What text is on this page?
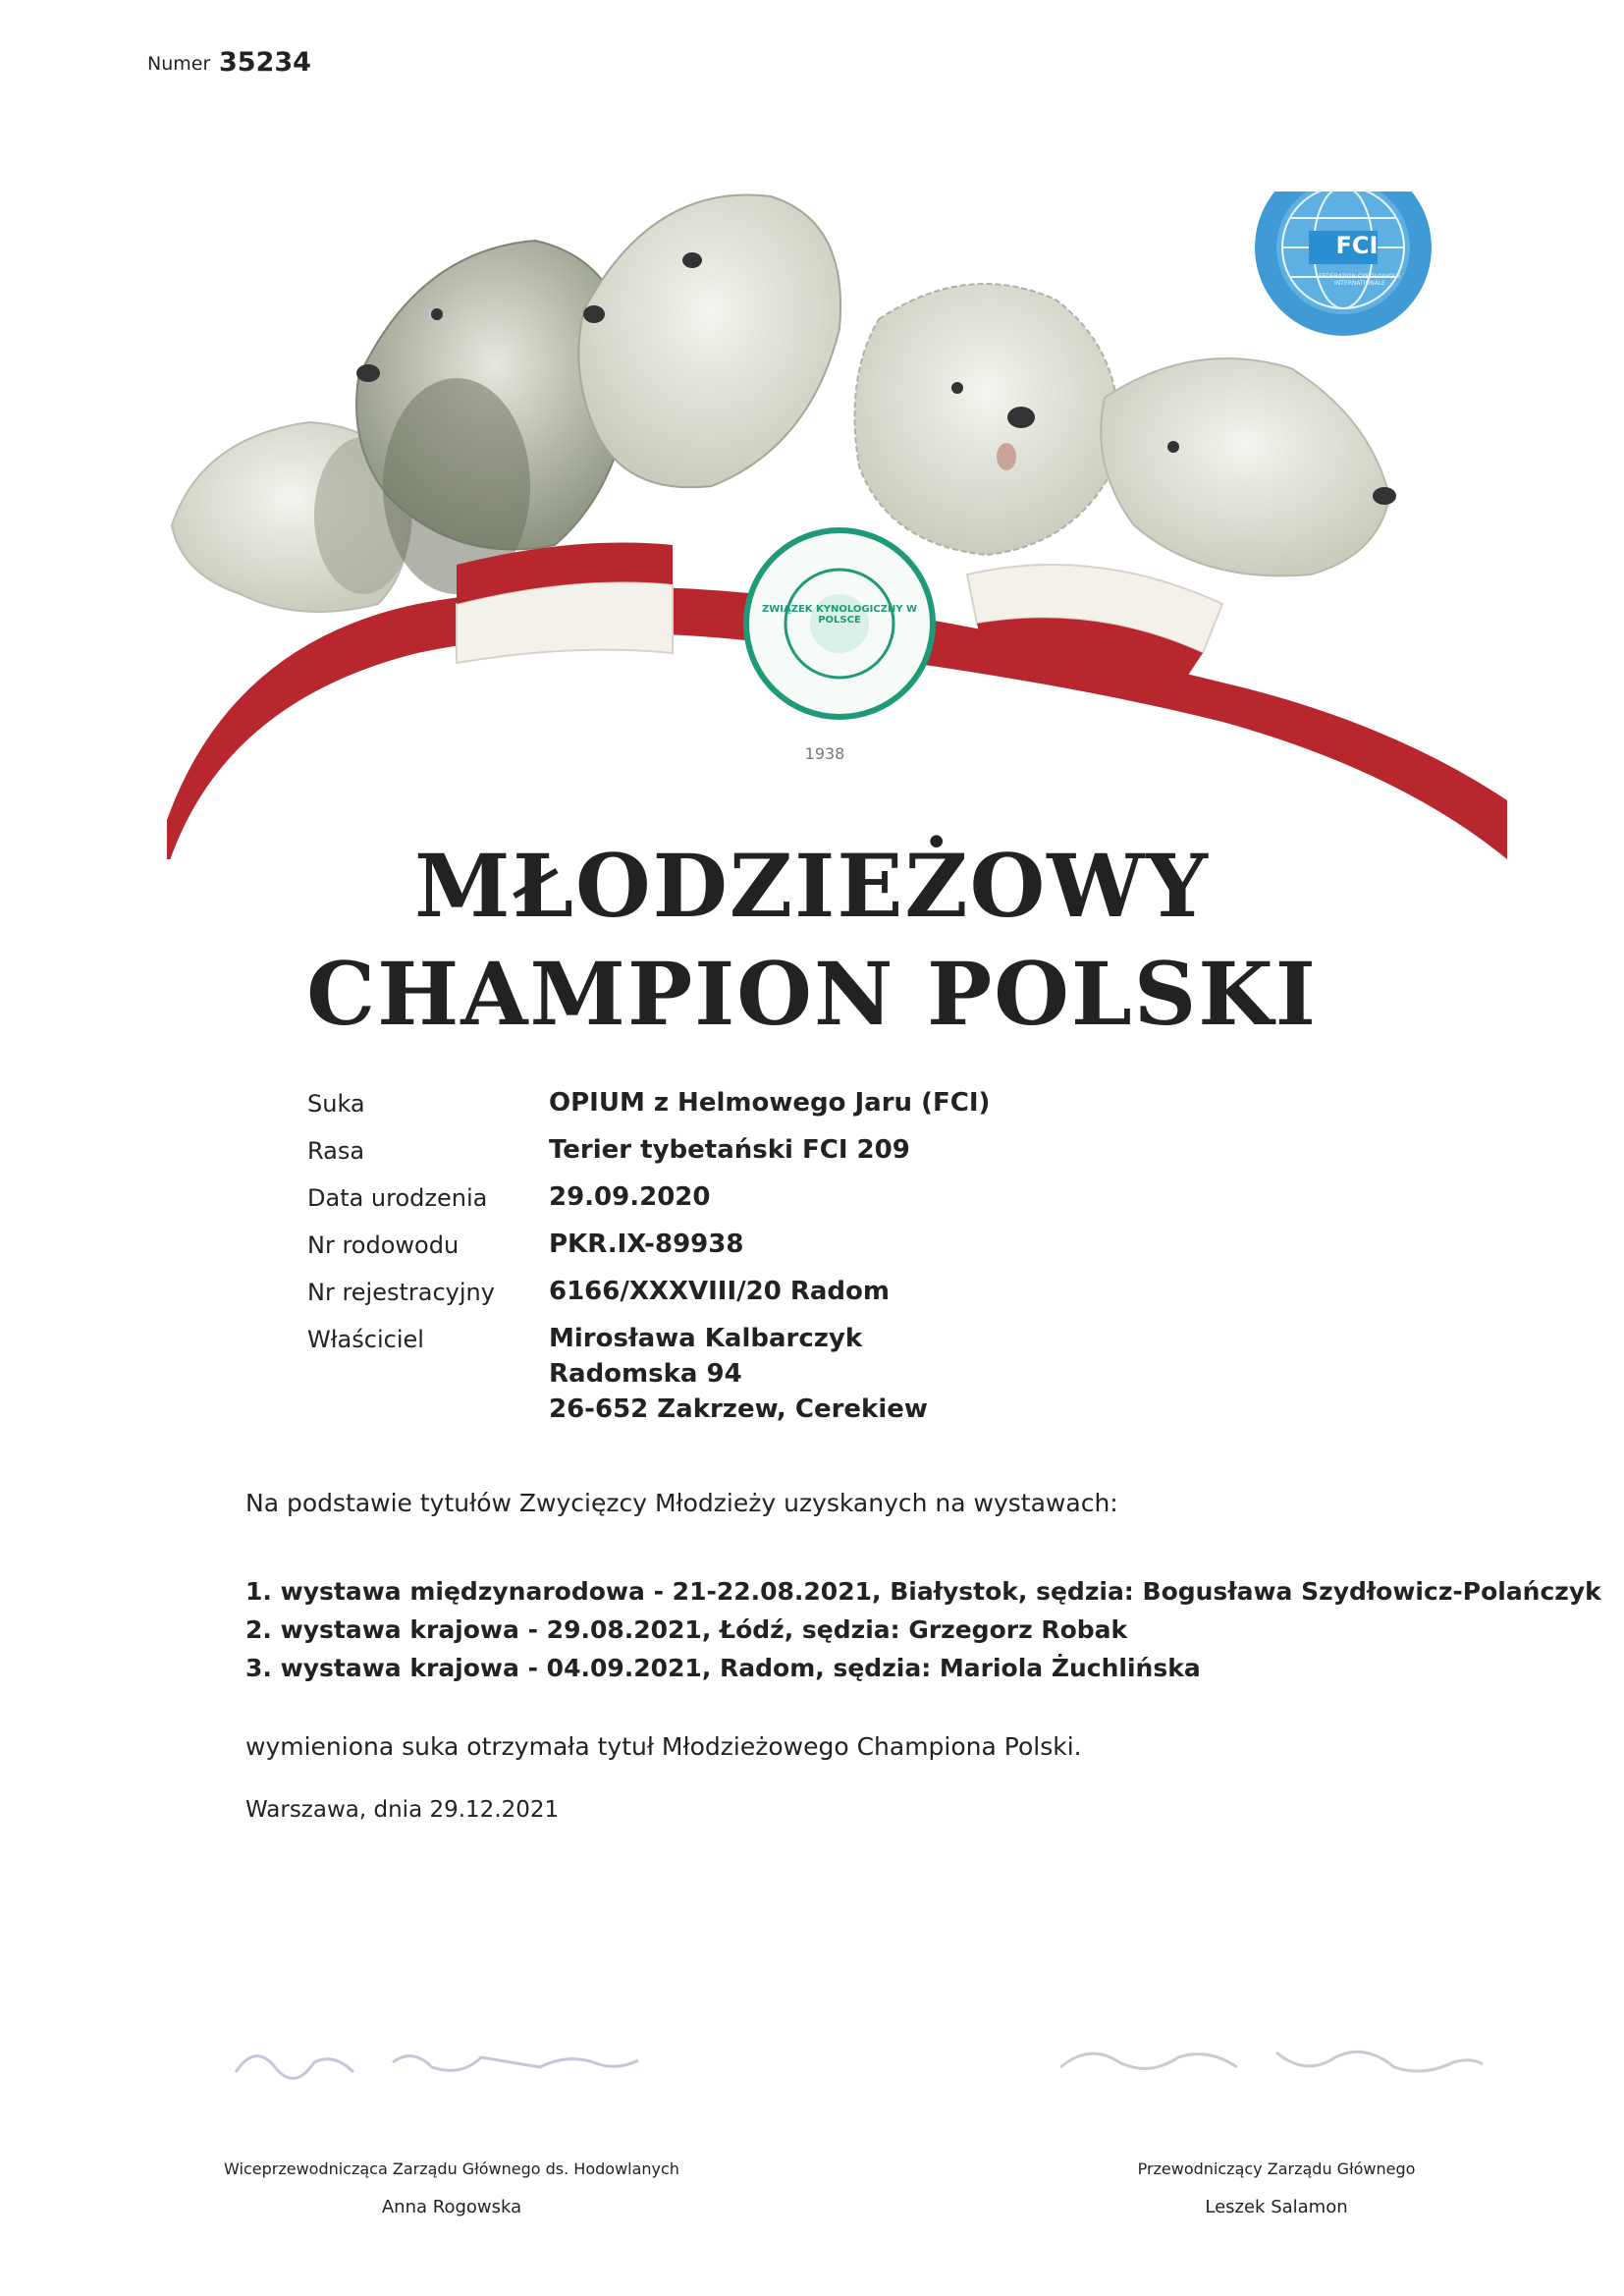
Numer 35234
FCI
FEDERATION CYNOLOGIQUE INTERNATIONALE
ZWIĄZEK KYNOLOGICZNY W POLSCE
1938
MŁODZIEŻOWY
CHAMPION POLSKI
Suka	OPIUM z Helmowego Jaru (FCI)
Rasa	Terier tybetański FCI 209
Data urodzenia 29.09.2020
Nr rodowodu	PKR.IX-89938
Nr rejestracyjny 6166/XXXVIII/20 Radom
Właściciel	Mirosława Kalbarczyk
Radomska 94
26-652 Zakrzew, Cerekiew
Na podstawie tytułów Zwycięzcy Młodzieży uzyskanych na wystawach:
1. wystawa międzynarodowa - 21-22.08.2021, Białystok, sędzia: Bogusława Szydłowicz-Polańczyk
2. wystawa krajowa - 29.08.2021, Łódź, sędzia: Grzegorz Robak
3. wystawa krajowa - 04.09.2021, Radom, sędzia: Mariola Żuchlińska
wymieniona suka otrzymała tytuł Młodzieżowego Championa Polski.
Warszawa, dnia 29.12.2021
Wiceprzewodnicząca Zarządu Głównego ds. Hodowlanych
Anna Rogowska
Przewodniczący Zarządu Głównego
Leszek Salamon
